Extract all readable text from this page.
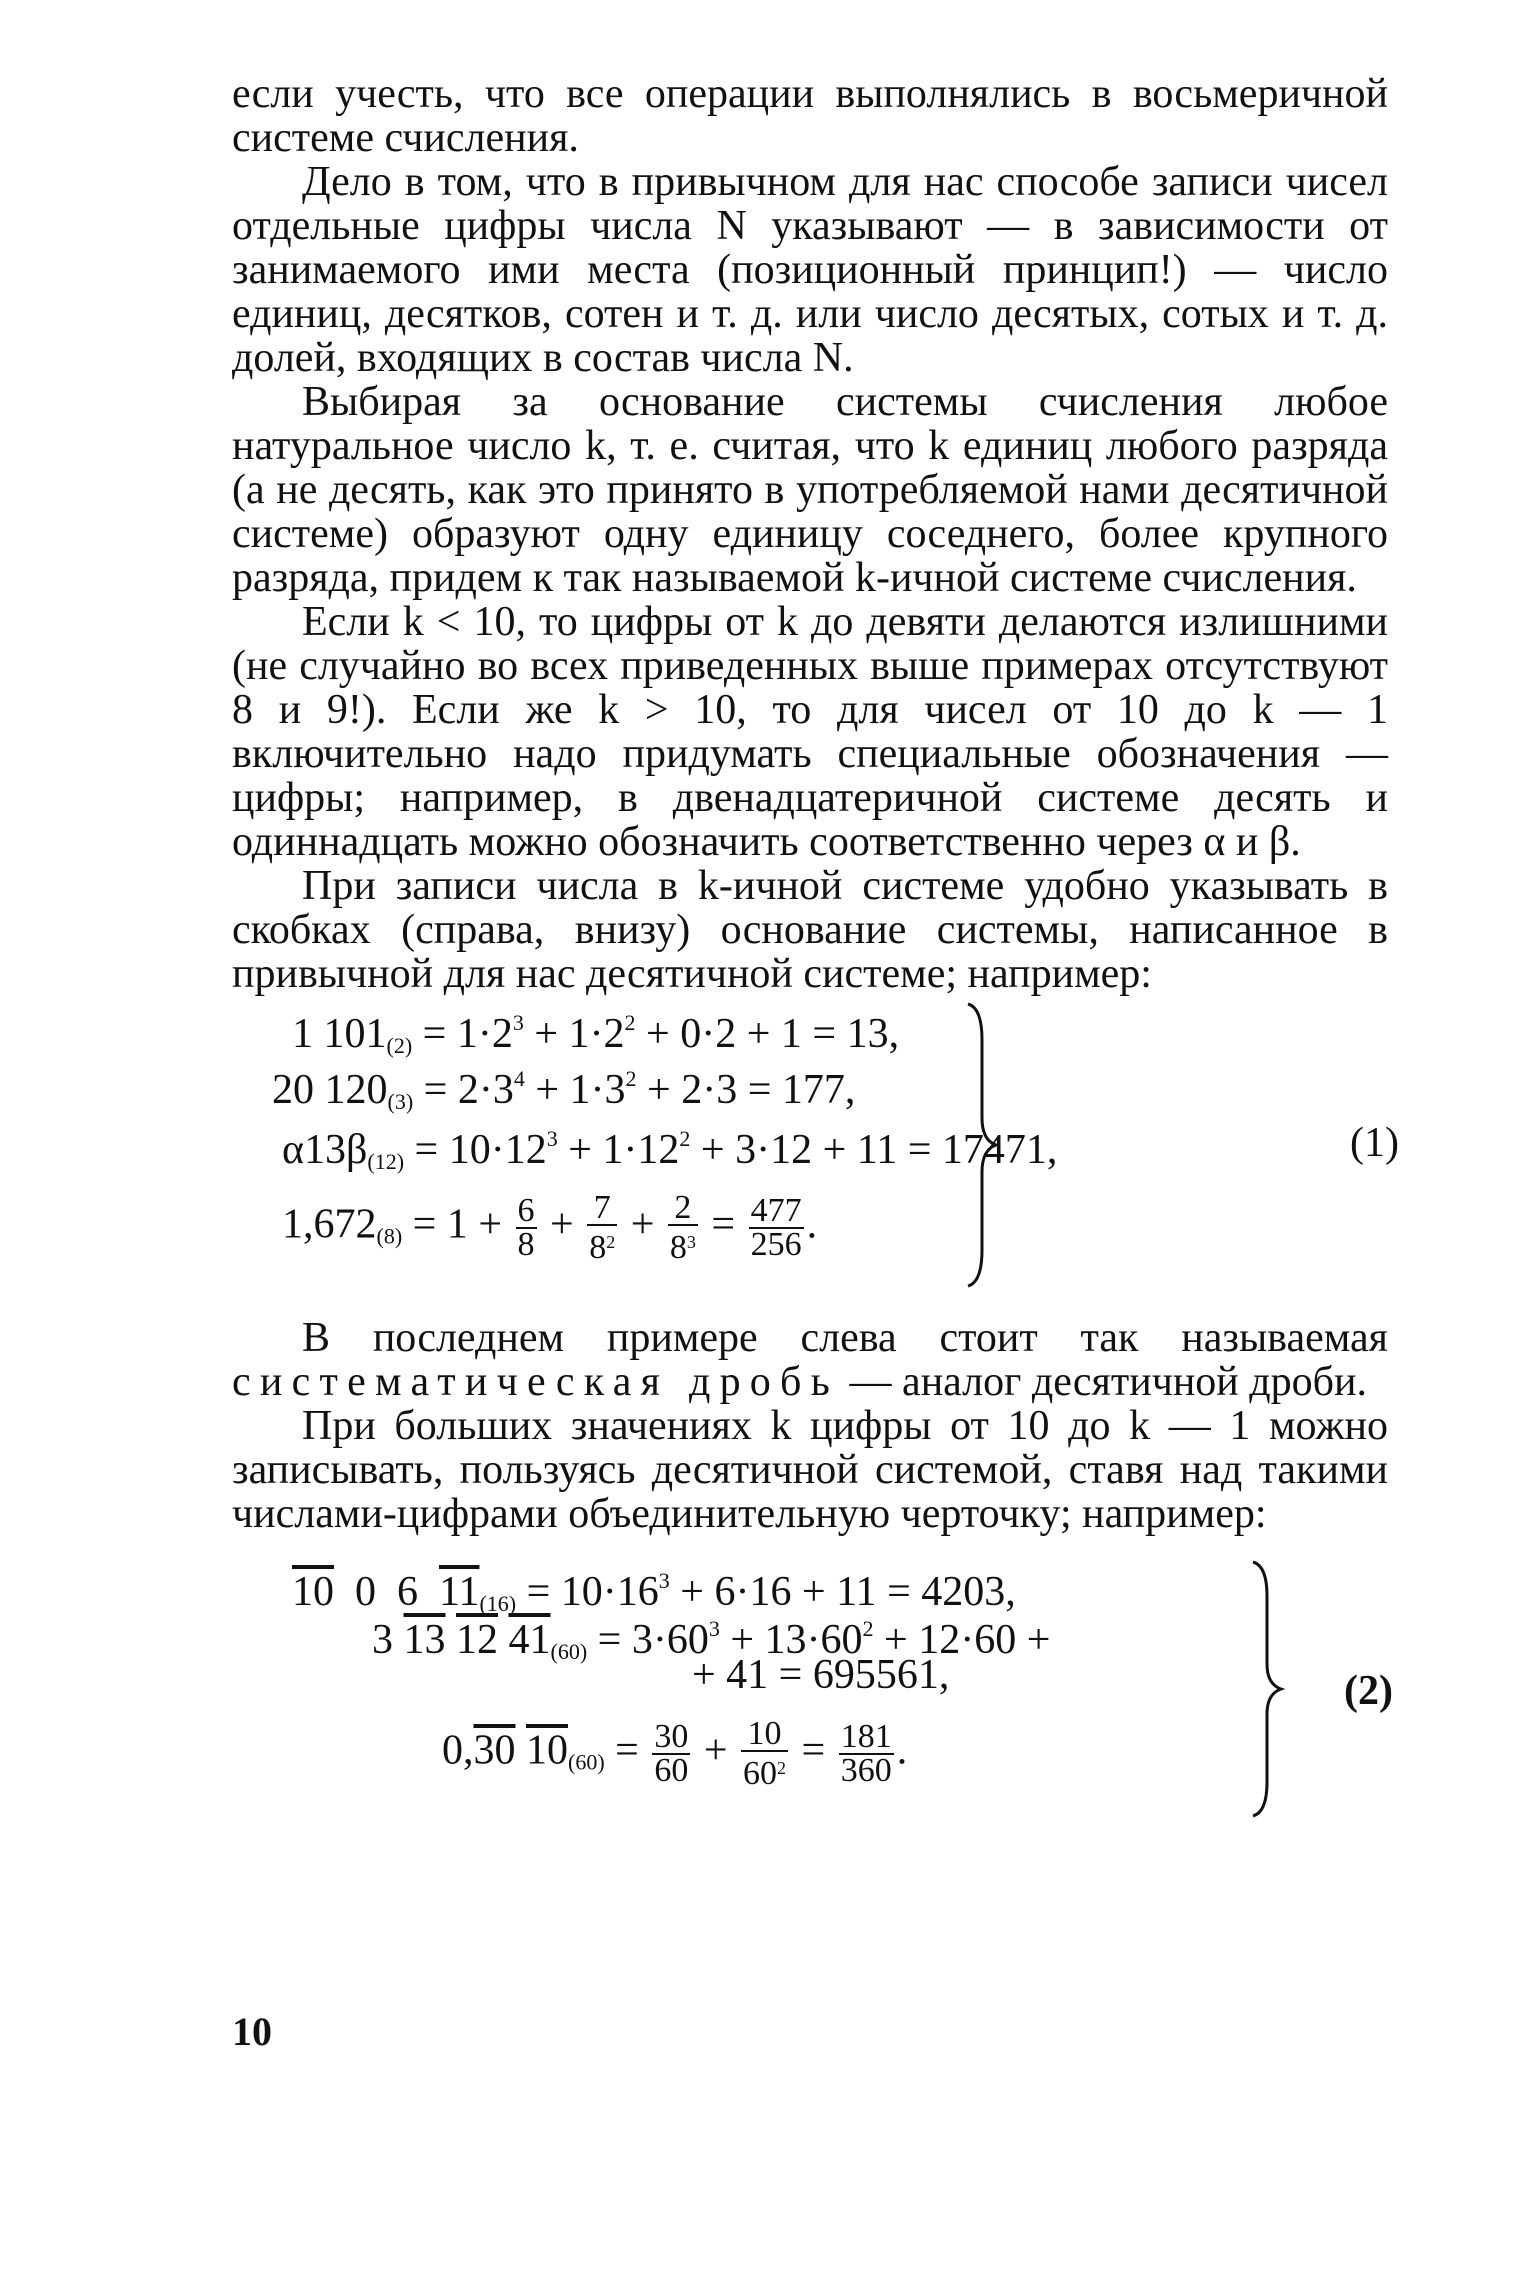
если учесть, что все операции выполнялись в восьмеричной системе счисления.

Дело в том, что в привычном для нас способе записи чисел отдельные цифры числа N указывают — в зависимости от занимаемого ими места (позиционный принцип!) — число единиц, десятков, сотен и т. д. или число десятых, сотых и т. д. долей, входящих в состав числа N.

Выбирая за основание системы счисления любое натуральное число k, т. е. считая, что k единиц любого разряда (а не десять, как это принято в употребляемой нами десятичной системе) образуют одну единицу соседнего, более крупного разряда, придем к так называемой k-ичной системе счисления.

Если k < 10, то цифры от k до девяти делаются излишними (не случайно во всех приведенных выше примерах отсутствуют 8 и 9!). Если же k > 10, то для чисел от 10 до k — 1 включительно надо придумать специальные обозначения — цифры; например, в двенадцатеричной системе десять и одиннадцать можно обозначить соответственно через α и β.

При записи числа в k-ичной системе удобно указывать в скобках (справа, внизу) основание системы, написанное в привычной для нас десятичной системе; например:

1 $101_{(2)} = 1\cdot 2^3 + 1\cdot 2^2 + 0\cdot 2 + 1 = 13$,
20 $120_{(3)} = 2\cdot 3^4 + 1\cdot 3^2 + 2\cdot 3 = 177$,
$\alpha 13\beta_{(12)} = 10\cdot 12^3 + 1\cdot 12^2 + 3\cdot 12 + 11 = 17471$,
$1,672_{(8)} = 1 + \frac{6}{8} + \frac{7}{8^2} + \frac{2}{8^3} = \frac{477}{256}$ .
(1)

В последнем примере слева стоит так называемая систематическая дробь — аналог десятичной дроби.

При больших значениях k цифры от 10 до k — 1 можно записывать, пользуясь десятичной системой, ставя над такими числами-цифрами объединительную черточку; например:

10  0  6  $11_{(16)} = 10\cdot 16^3 + 6\cdot 16 + 11 = 4203$,
3 13 12 $41_{(60)} = 3\cdot 60^3 + 13\cdot 60^2 + 12\cdot 60$ +
+ 41 = 695561,
0,30 $10_{(60)} = \frac{30}{60} + \frac{10}{60^2} = \frac{181}{360}$ .
(2)
10
